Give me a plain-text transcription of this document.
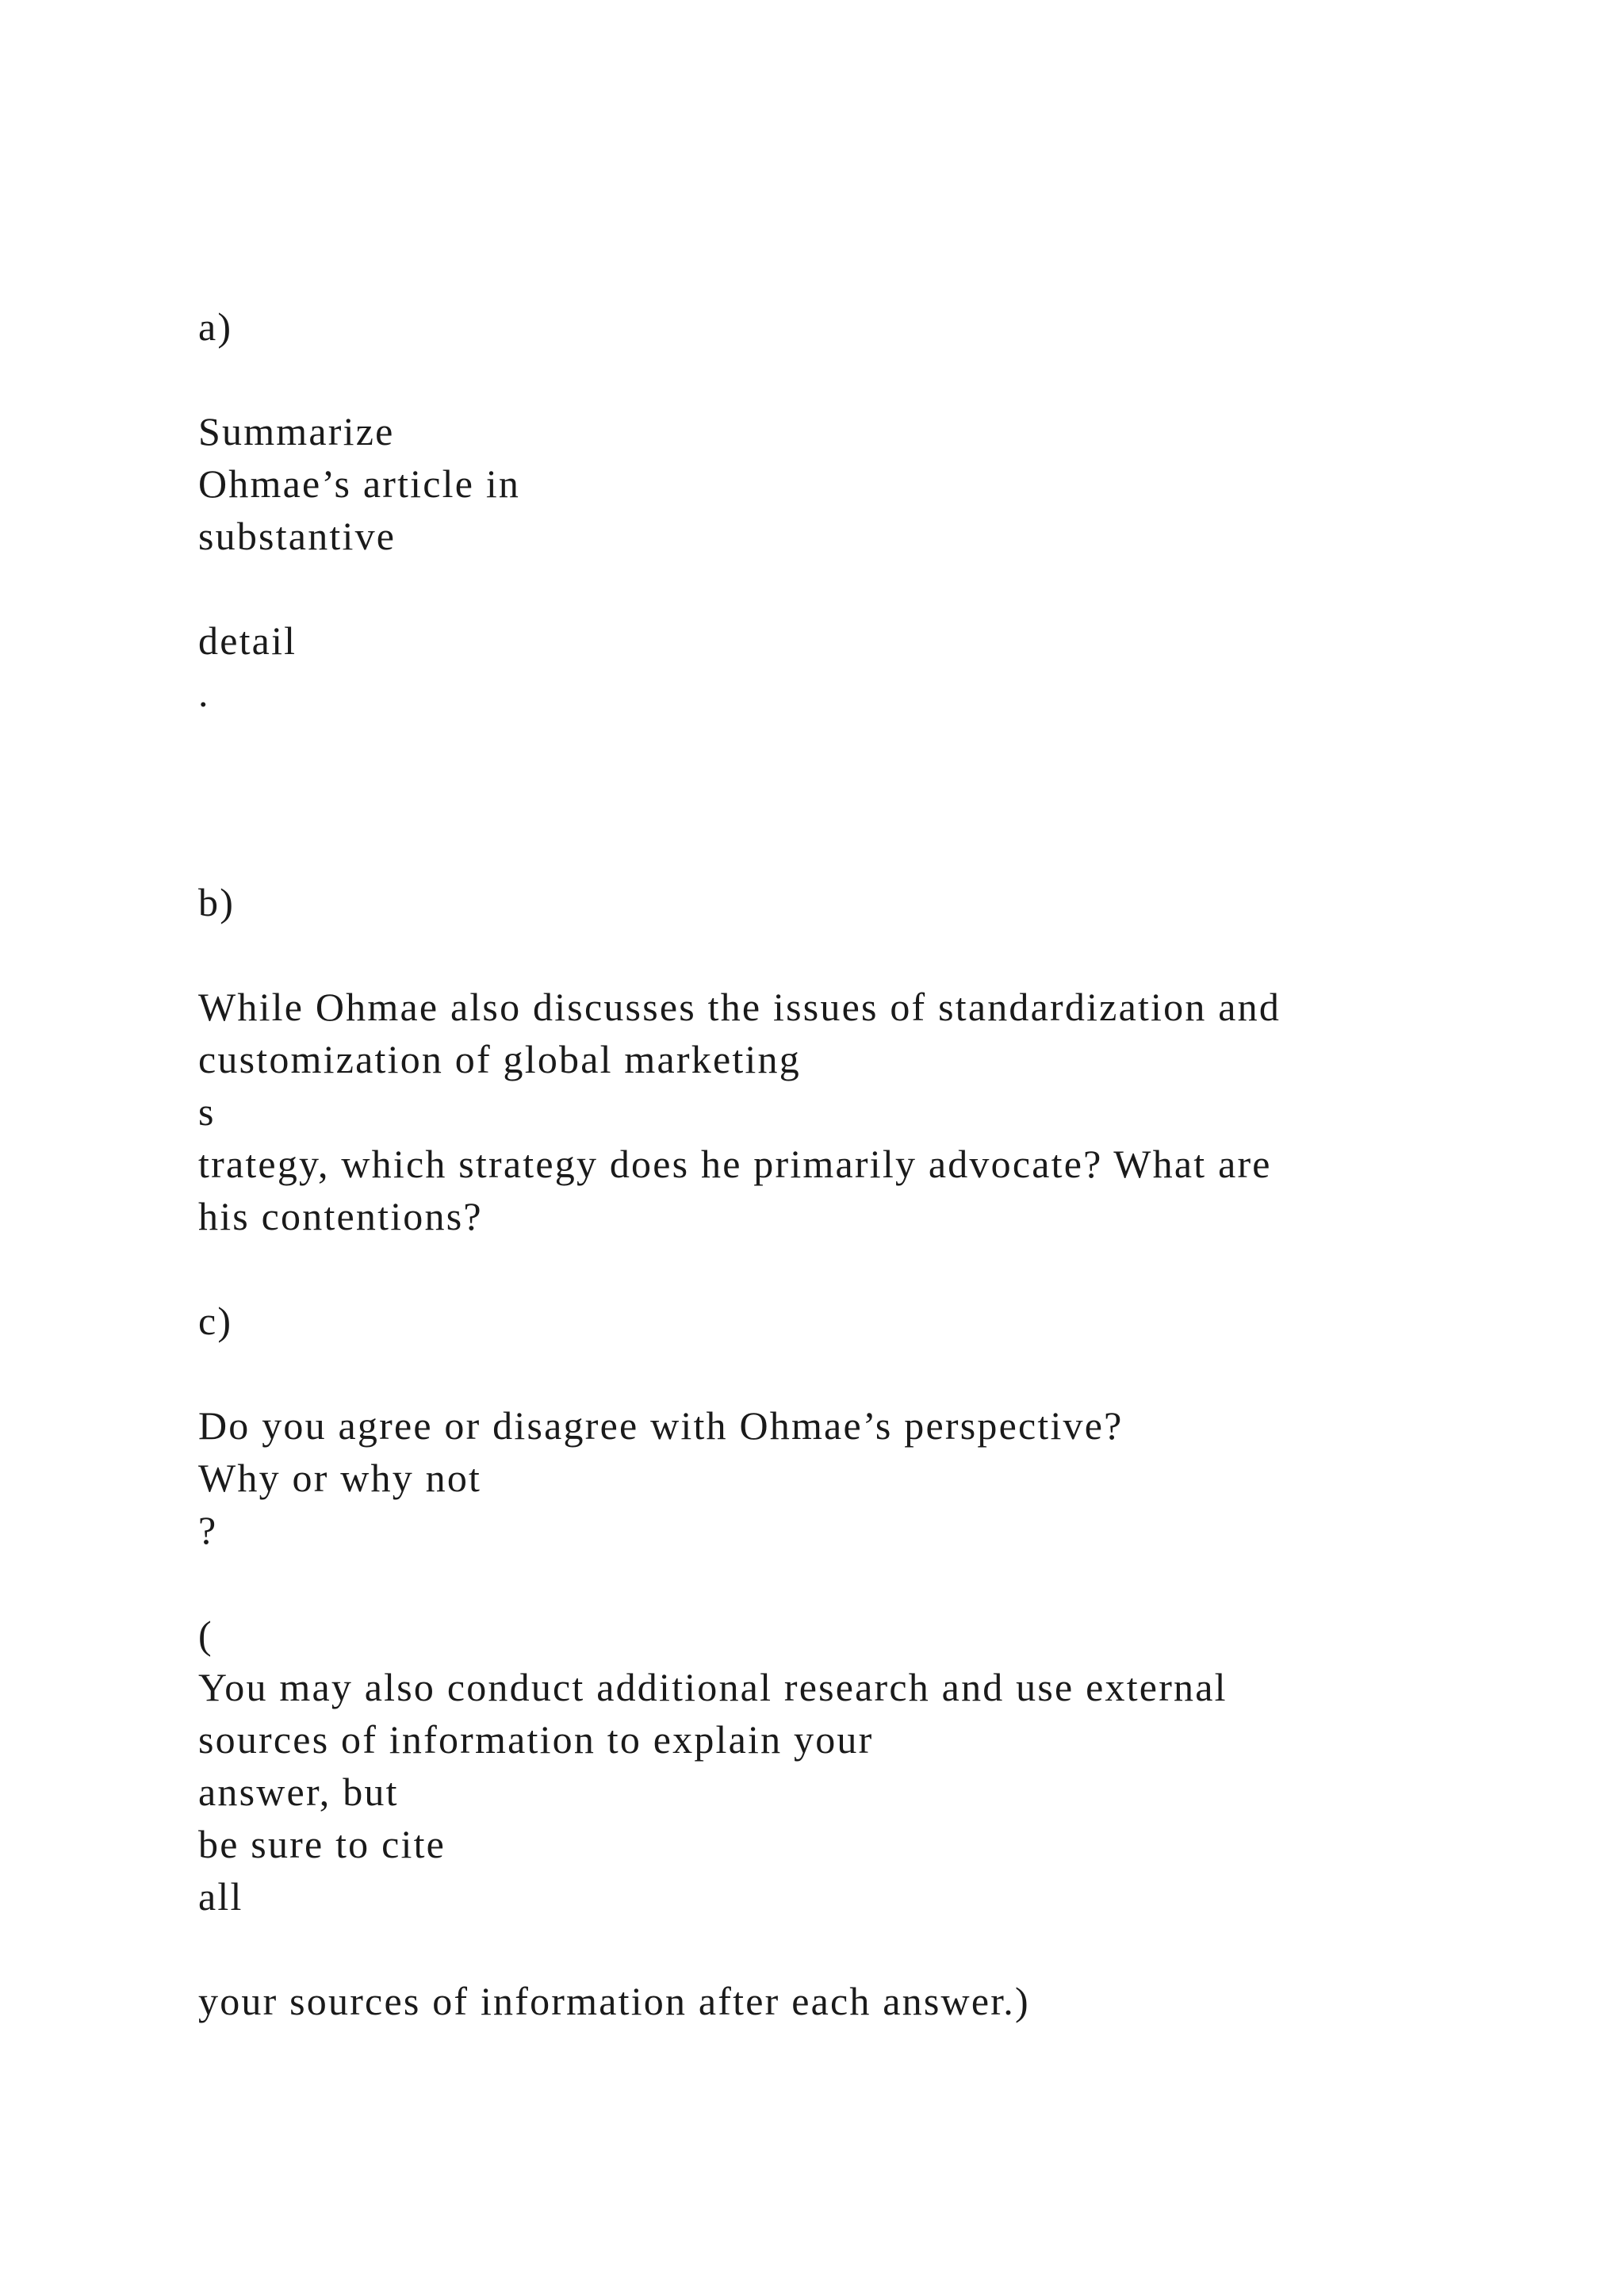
a)
Summarize
Ohmae’s article in
substantive
detail
.
b)
While Ohmae also discusses the issues of standardization and
customization of global marketing
s
trategy, which strategy does he primarily advocate? What are
his contentions?
c)
Do you agree or disagree with Ohmae’s perspective?
Why or why not
?
(
You may also conduct additional research and use external
sources of information to explain your
answer, but
be sure to cite
all
your sources of information after each answer.)
